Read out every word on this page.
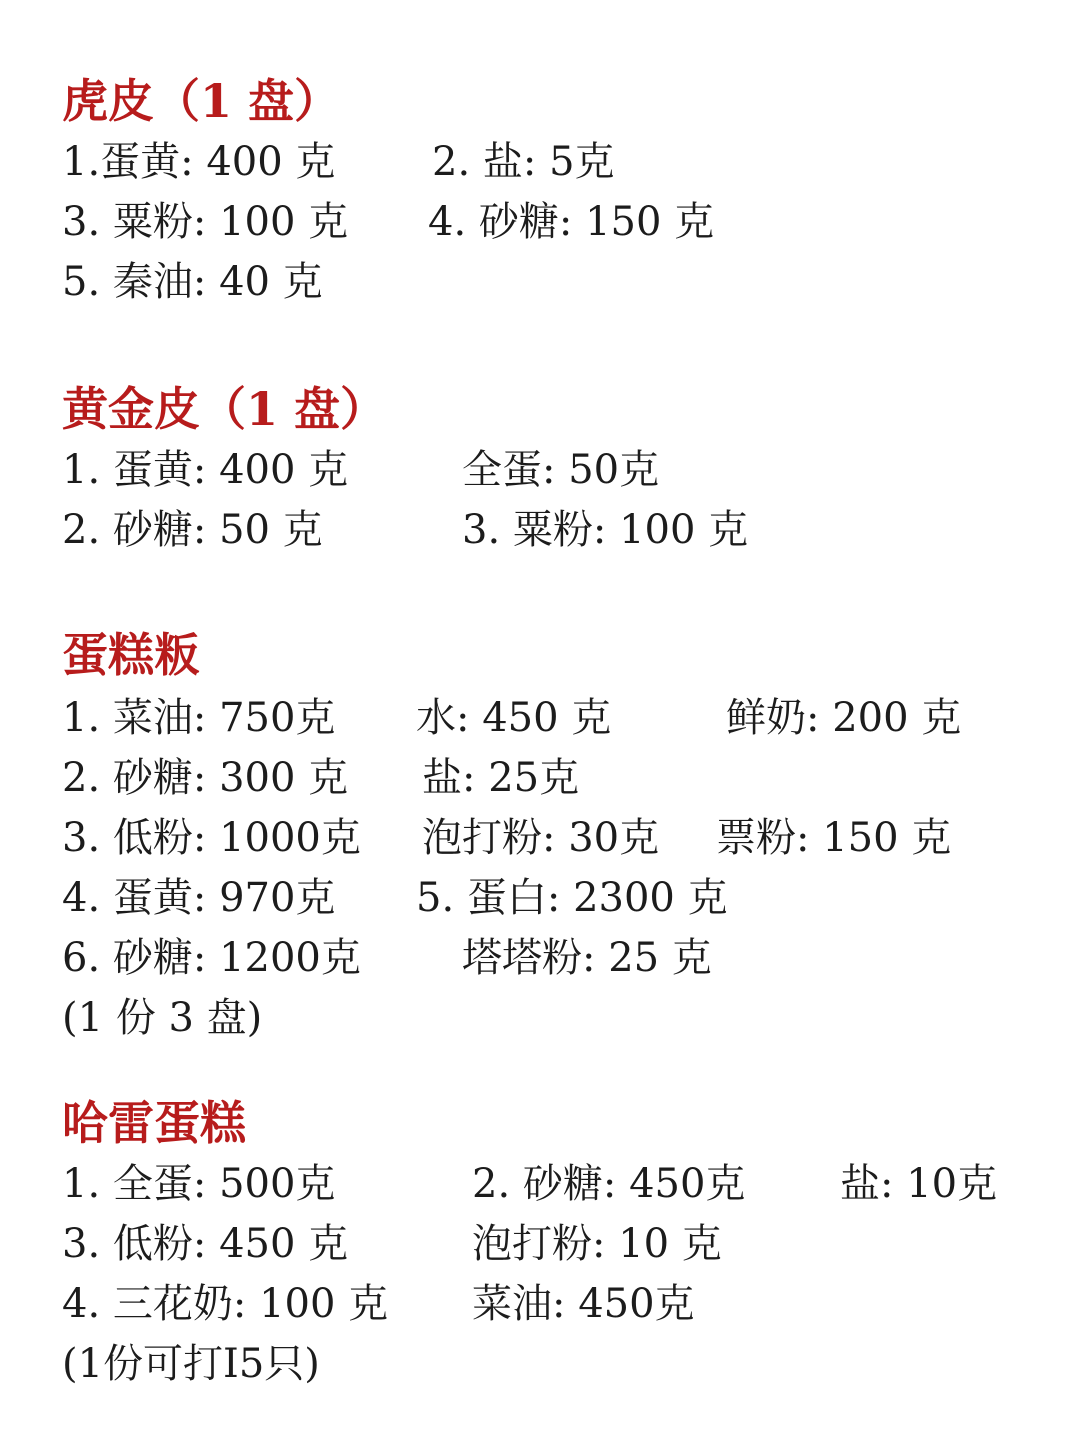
虎皮（1 盘）
1.蛋黄: 400 克 2. 盐: 5克
3. 粟粉: 100 克 4. 砂糖: 150 克
5. 秦油: 40 克
黄金皮（1 盘）
1. 蛋黄: 400 克	全蛋: 50克
2. 砂糖: 50 克	3. 粟粉: 100 克
蛋糕粄
1. 菜油: 750克 水: 450 克	鲜奶: 200 克
2. 砂糖: 300 克 盐: 25克
3. 低粉: 1000克 泡打粉: 30克 票粉: 150 克
4. 蛋黄: 970克 5. 蛋白: 2300 克
6. 砂糖: 1200克	塔塔粉: 25 克
(1 份 3 盘)
哈雷蛋糕
1. 全蛋: 500克	2. 砂糖: 450克 盐: 10克
3. 低粉: 450 克	泡打粉: 10 克
4. 三花奶: 100 克 菜油: 450克
(1份可打I5只)
